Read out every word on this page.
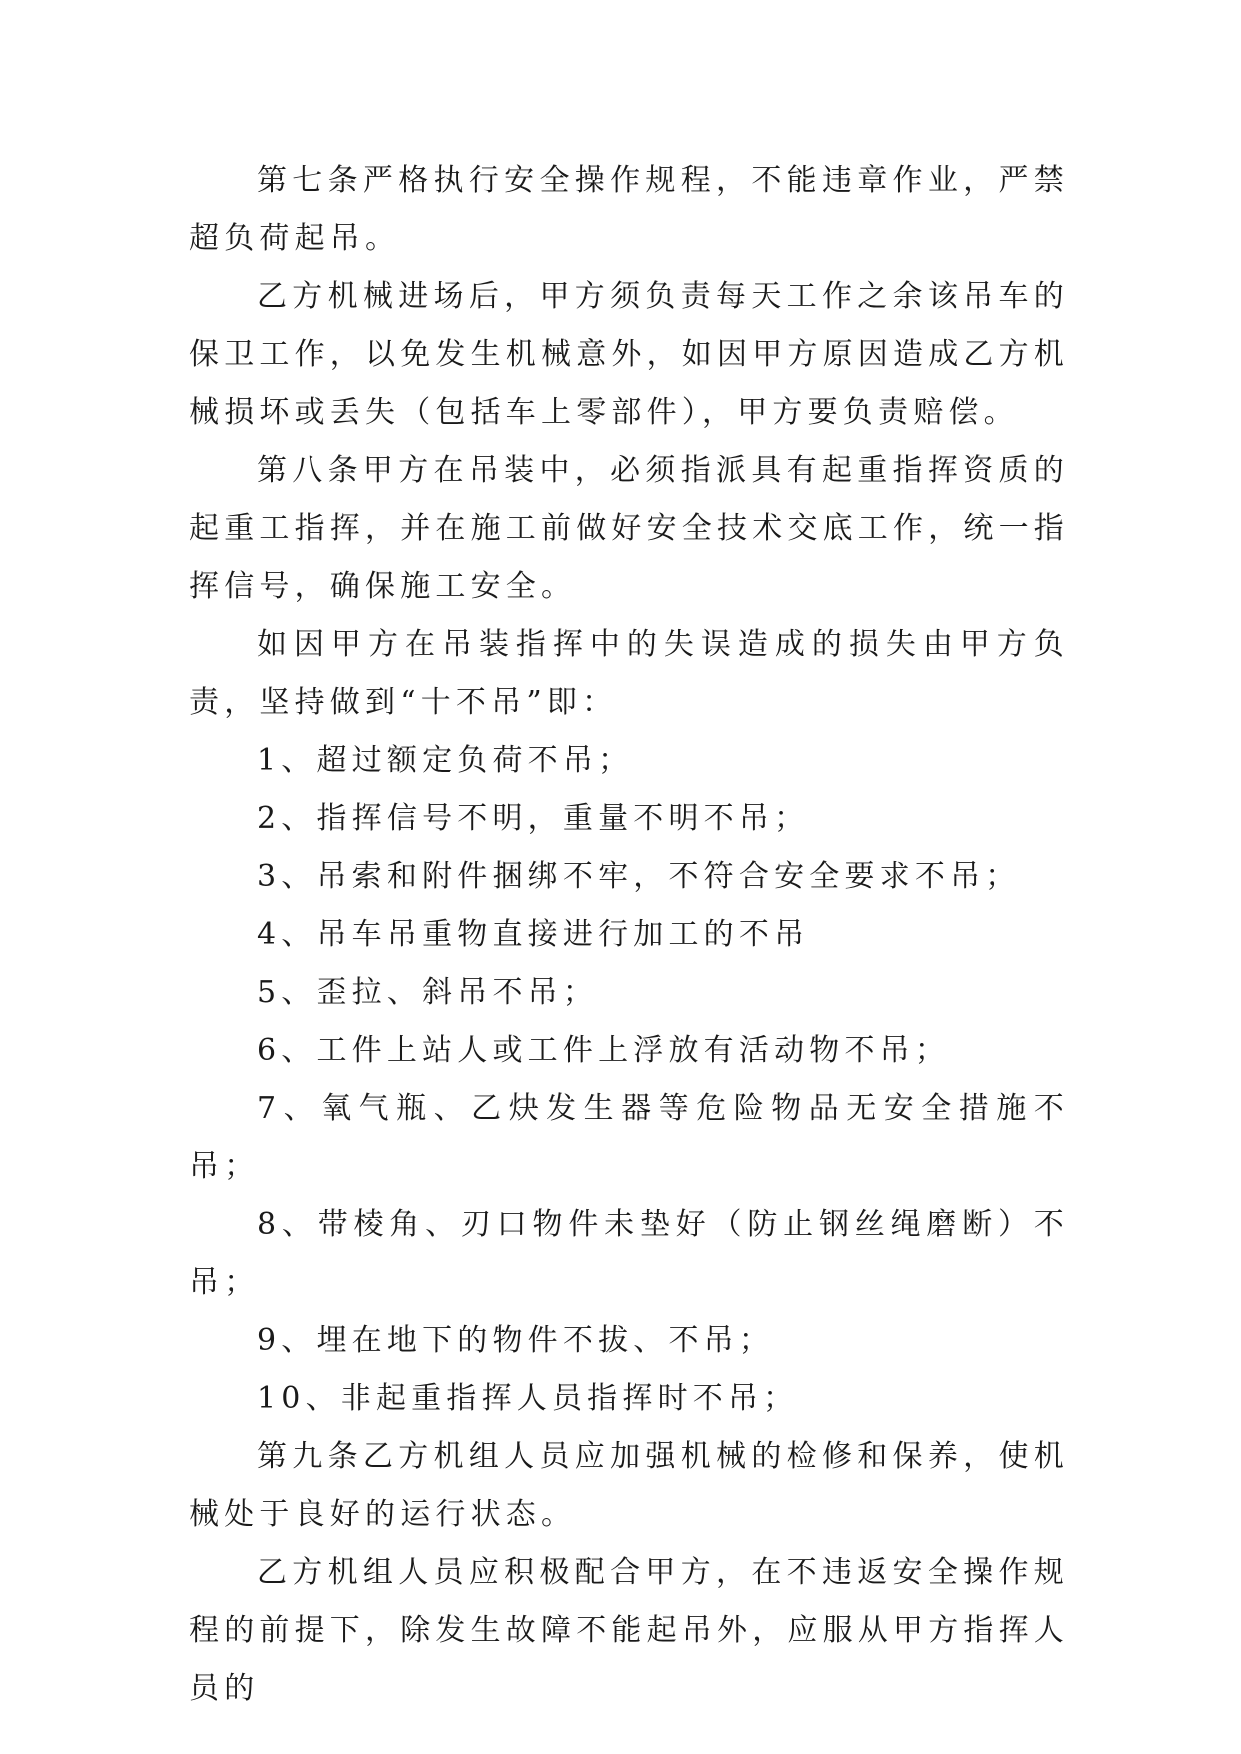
第七条严格执行安全操作规程，不能违章作业，严禁超负荷起吊。

乙方机械进场后，甲方须负责每天工作之余该吊车的保卫工作，以免发生机械意外，如因甲方原因造成乙方机械损坏或丢失（包括车上零部件），甲方要负责赔偿。

第八条甲方在吊装中，必须指派具有起重指挥资质的起重工指挥，并在施工前做好安全技术交底工作，统一指挥信号，确保施工安全。

如因甲方在吊装指挥中的失误造成的损失由甲方负责，坚持做到“十不吊”即：

1、超过额定负荷不吊；

2、指挥信号不明，重量不明不吊；

3、吊索和附件捆绑不牢，不符合安全要求不吊；

4、吊车吊重物直接进行加工的不吊

5、歪拉、斜吊不吊；

6、工件上站人或工件上浮放有活动物不吊；

7、氧气瓶、乙炔发生器等危险物品无安全措施不吊；

8、带棱角、刃口物件未垫好（防止钢丝绳磨断）不吊；

9、埋在地下的物件不拔、不吊；

10、非起重指挥人员指挥时不吊；

第九条乙方机组人员应加强机械的检修和保养，使机械处于良好的运行状态。

乙方机组人员应积极配合甲方，在不违返安全操作规程的前提下，除发生故障不能起吊外，应服从甲方指挥人员的
